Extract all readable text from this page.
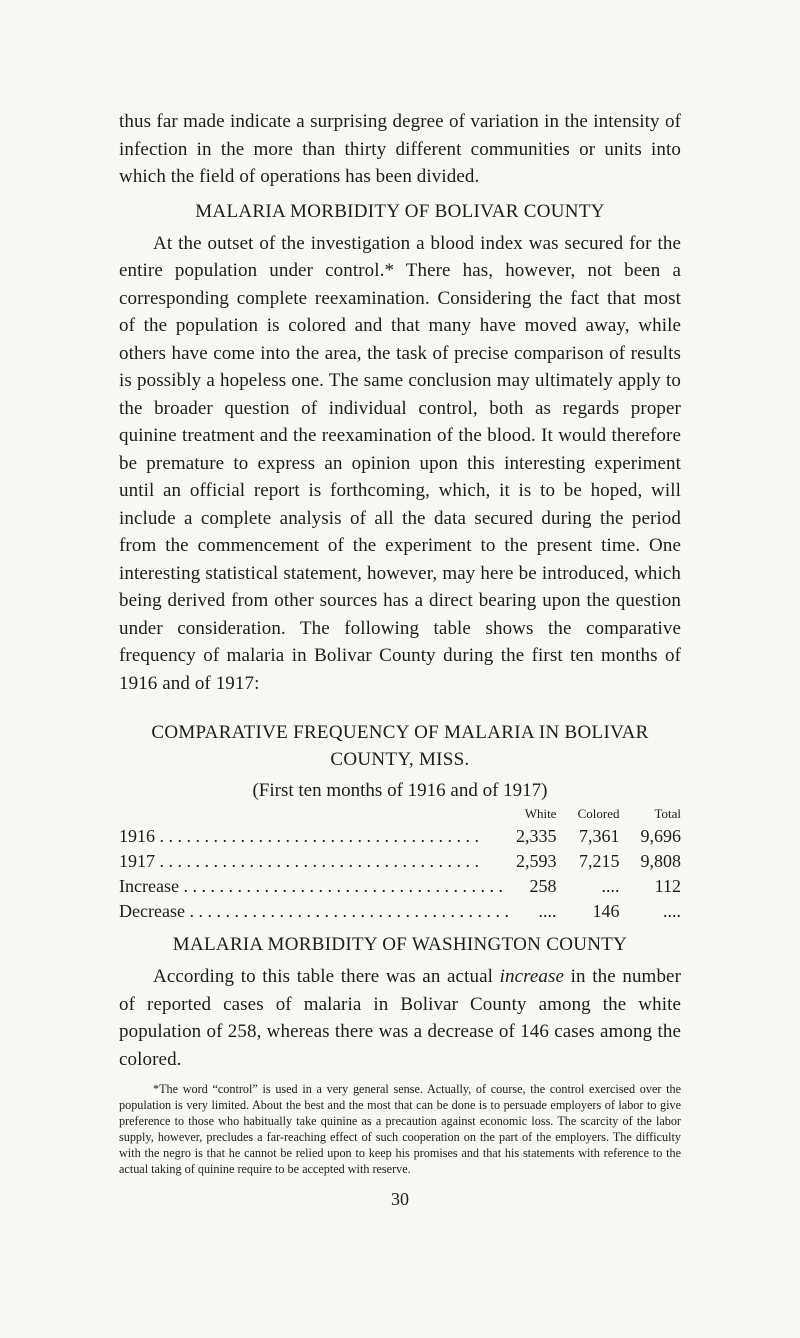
thus far made indicate a surprising degree of variation in the intensity of infection in the more than thirty different communities or units into which the field of operations has been divided.

MALARIA MORBIDITY OF BOLIVAR COUNTY

At the outset of the investigation a blood index was secured for the entire population under control.* There has, however, not been a corresponding complete reexamination. Considering the fact that most of the population is colored and that many have moved away, while others have come into the area, the task of precise comparison of results is possibly a hopeless one. The same conclusion may ultimately apply to the broader question of individual control, both as regards proper quinine treatment and the reexamination of the blood. It would therefore be premature to express an opinion upon this interesting experiment until an official report is forthcoming, which, it is to be hoped, will include a complete analysis of all the data secured during the period from the commencement of the experiment to the present time. One interesting statistical statement, however, may here be introduced, which being derived from other sources has a direct bearing upon the question under consideration. The following table shows the comparative frequency of malaria in Bolivar County during the first ten months of 1916 and of 1917:

COMPARATIVE FREQUENCY OF MALARIA IN BOLIVAR
COUNTY, MISS.
(First ten months of 1916 and of 1917)
	White	Colored	Total
1916 . . . . . . . . . . . . . . . . . . . . . . . . . . . . . . . . . . . .	2,335	7,361	9,696
1917 . . . . . . . . . . . . . . . . . . . . . . . . . . . . . . . . . . . .	2,593	7,215	9,808
Increase . . . . . . . . . . . . . . . . . . . . . . . . . . . . . . . . . . . .	258	....	112
Decrease . . . . . . . . . . . . . . . . . . . . . . . . . . . . . . . . . . . .	....	146	....
MALARIA MORBIDITY OF WASHINGTON COUNTY

According to this table there was an actual increase in the number of reported cases of malaria in Bolivar County among the white population of 258, whereas there was a decrease of 146 cases among the colored.

*The word “control” is used in a very general sense. Actually, of course, the control exercised over the population is very limited. About the best and the most that can be done is to persuade employers of labor to give preference to those who habitually take quinine as a precaution against economic loss. The scarcity of the labor supply, however, precludes a far-reaching effect of such cooperation on the part of the employers. The difficulty with the negro is that he cannot be relied upon to keep his promises and that his statements with reference to the actual taking of quinine require to be accepted with reserve.

30
